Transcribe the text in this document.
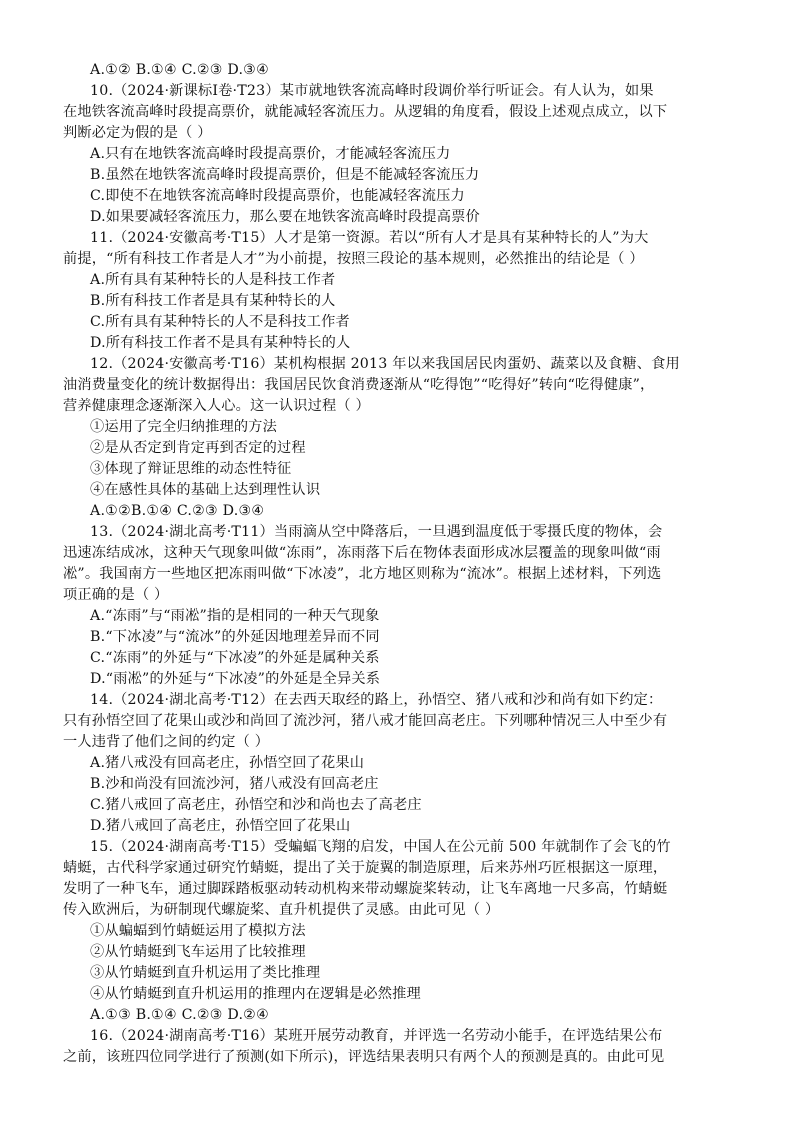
A.①② B.①④ C.②③ D.③④
10.（2024·新课标Ⅰ卷·T23）某市就地铁客流高峰时段调价举行听证会。有人认为，如果
在地铁客流高峰时段提高票价，就能减轻客流压力。从逻辑的角度看，假设上述观点成立，以下
判断必定为假的是（ ）
A.只有在地铁客流高峰时段提高票价，才能减轻客流压力
B.虽然在地铁客流高峰时段提高票价，但是不能减轻客流压力
C.即使不在地铁客流高峰时段提高票价，也能减轻客流压力
D.如果要减轻客流压力，那么要在地铁客流高峰时段提高票价
11.（2024·安徽高考·T15）人才是第一资源。若以“所有人才是具有某种特长的人”为大
前提，“所有科技工作者是人才”为小前提，按照三段论的基本规则，必然推出的结论是（ ）
A.所有具有某种特长的人是科技工作者
B.所有科技工作者是具有某种特长的人
C.所有具有某种特长的人不是科技工作者
D.所有科技工作者不是具有某种特长的人
12.（2024·安徽高考·T16）某机构根据 2013 年以来我国居民肉蛋奶、蔬菜以及食糖、食用
油消费量变化的统计数据得出：我国居民饮食消费逐渐从“吃得饱”“吃得好”转向“吃得健康”，
营养健康理念逐渐深入人心。这一认识过程（ ）
①运用了完全归纳推理的方法
②是从否定到肯定再到否定的过程
③体现了辩证思维的动态性特征
④在感性具体的基础上达到理性认识
A.①②B.①④ C.②③ D.③④
13.（2024·湖北高考·T11）当雨滴从空中降落后，一旦遇到温度低于零摄氏度的物体，会
迅速冻结成冰，这种天气现象叫做“冻雨”，冻雨落下后在物体表面形成冰层覆盖的现象叫做“雨
凇”。我国南方一些地区把冻雨叫做“下冰凌”，北方地区则称为“流冰”。根据上述材料，下列选
项正确的是（ ）
A.“冻雨”与“雨凇”指的是相同的一种天气现象
B.“下冰凌”与“流冰”的外延因地理差异而不同
C.“冻雨”的外延与“下冰凌”的外延是属种关系
D.“雨凇”的外延与“下冰凌”的外延是全异关系
14.（2024·湖北高考·T12）在去西天取经的路上，孙悟空、猪八戒和沙和尚有如下约定：
只有孙悟空回了花果山或沙和尚回了流沙河，猪八戒才能回高老庄。下列哪种情况三人中至少有
一人违背了他们之间的约定（ ）
A.猪八戒没有回高老庄，孙悟空回了花果山
B.沙和尚没有回流沙河，猪八戒没有回高老庄
C.猪八戒回了高老庄，孙悟空和沙和尚也去了高老庄
D.猪八戒回了高老庄，孙悟空回了花果山
15.（2024·湖南高考·T15）受蝙蝠飞翔的启发，中国人在公元前 500 年就制作了会飞的竹
蜻蜓，古代科学家通过研究竹蜻蜓，提出了关于旋翼的制造原理，后来苏州巧匠根据这一原理，
发明了一种飞车，通过脚踩踏板驱动转动机构来带动螺旋桨转动，让飞车离地一尺多高，竹蜻蜓
传入欧洲后，为研制现代螺旋桨、直升机提供了灵感。由此可见（ ）
①从蝙蝠到竹蜻蜓运用了模拟方法
②从竹蜻蜓到飞车运用了比较推理
③从竹蜻蜓到直升机运用了类比推理
④从竹蜻蜓到直升机运用的推理内在逻辑是必然推理
A.①③ B.①④ C.②③ D.②④
16.（2024·湖南高考·T16）某班开展劳动教育，并评选一名劳动小能手，在评选结果公布
之前，该班四位同学进行了预测(如下所示)，评选结果表明只有两个人的预测是真的。由此可见
